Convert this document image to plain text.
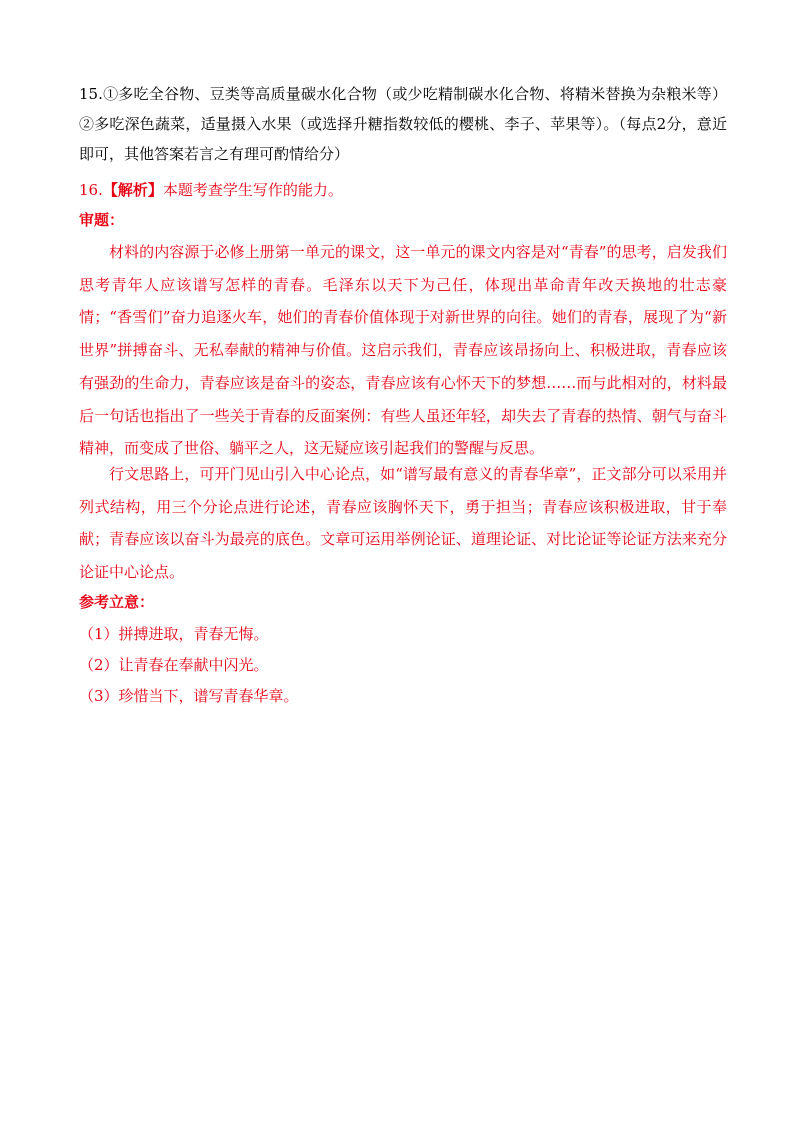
15.①多吃全谷物、豆类等高质量碳水化合物（或少吃精制碳水化合物、将精米替换为杂粮米等）②多吃深色蔬菜，适量摄入水果（或选择升糖指数较低的樱桃、李子、苹果等）。（每点2分，意近即可，其他答案若言之有理可酌情给分）
16.【解析】本题考查学生写作的能力。
审题：
材料的内容源于必修上册第一单元的课文，这一单元的课文内容是对“青春”的思考，启发我们思考青年人应该谱写怎样的青春。毛泽东以天下为己任，体现出革命青年改天换地的壮志豪情；“香雪们”奋力追逐火车，她们的青春价值体现于对新世界的向往。她们的青春，展现了为“新世界”拼搏奋斗、无私奉献的精神与价值。这启示我们，青春应该昂扬向上、积极进取，青春应该有强劲的生命力，青春应该是奋斗的姿态，青春应该有心怀天下的梦想……而与此相对的，材料最后一句话也指出了一些关于青春的反面案例：有些人虽还年轻，却失去了青春的热情、朝气与奋斗精神，而变成了世俗、躺平之人，这无疑应该引起我们的警醒与反思。
行文思路上，可开门见山引入中心论点，如“谱写最有意义的青春华章”，正文部分可以采用并列式结构，用三个分论点进行论述，青春应该胸怀天下，勇于担当；青春应该积极进取，甘于奉献；青春应该以奋斗为最亮的底色。文章可运用举例论证、道理论证、对比论证等论证方法来充分论证中心论点。
参考立意：
（1）拼搏进取，青春无悔。
（2）让青春在奉献中闪光。
（3）珍惜当下，谱写青春华章。
